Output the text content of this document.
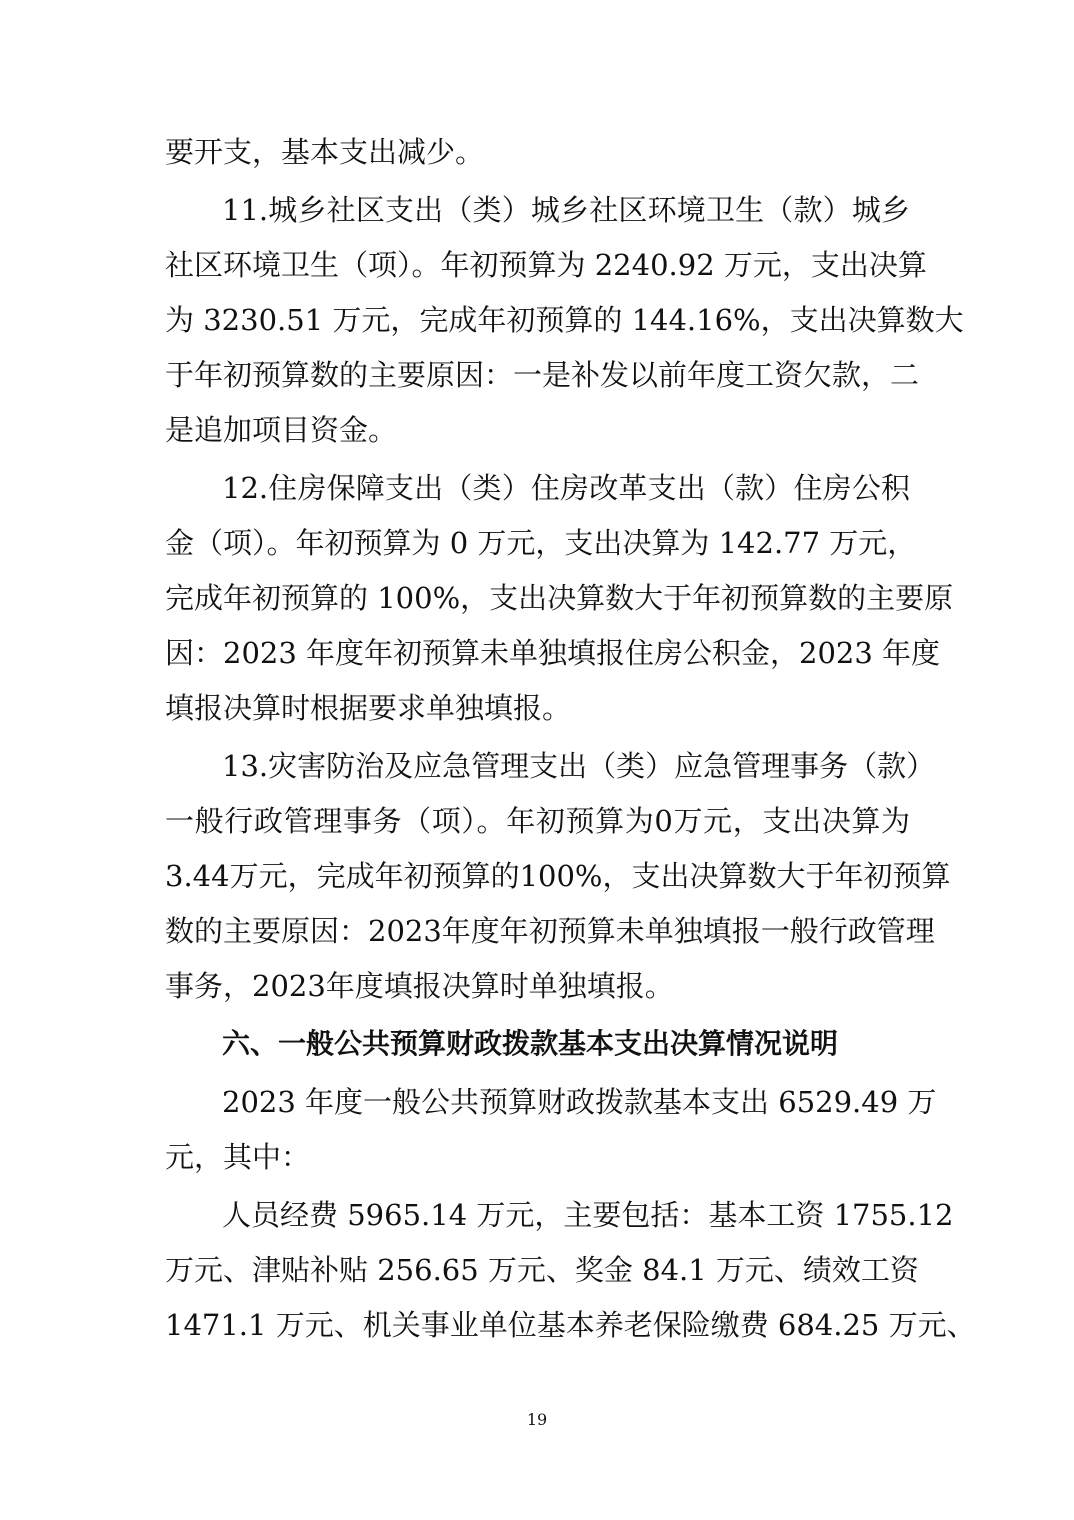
要开支，基本支出减少。
11.城乡社区支出（类）城乡社区环境卫生（款）城乡
社区环境卫生（项）。年初预算为 2240.92 万元，支出决算
为 3230.51 万元，完成年初预算的 144.16%，支出决算数大
于年初预算数的主要原因：一是补发以前年度工资欠款，二
是追加项目资金。
12.住房保障支出（类）住房改革支出（款）住房公积
金（项）。年初预算为 0 万元，支出决算为 142.77 万元，
完成年初预算的 100%，支出决算数大于年初预算数的主要原
因：2023 年度年初预算未单独填报住房公积金，2023 年度
填报决算时根据要求单独填报。
13.灾害防治及应急管理支出（类）应急管理事务（款）
一般行政管理事务（项）。年初预算为0万元，支出决算为
3.44万元，完成年初预算的100%，支出决算数大于年初预算
数的主要原因：2023年度年初预算未单独填报一般行政管理
事务，2023年度填报决算时单独填报。
六、一般公共预算财政拨款基本支出决算情况说明
2023 年度一般公共预算财政拨款基本支出 6529.49 万
元，其中：
人员经费 5965.14 万元，主要包括：基本工资 1755.12
万元、津贴补贴 256.65 万元、奖金 84.1 万元、绩效工资
1471.1 万元、机关事业单位基本养老保险缴费 684.25 万元、
19
